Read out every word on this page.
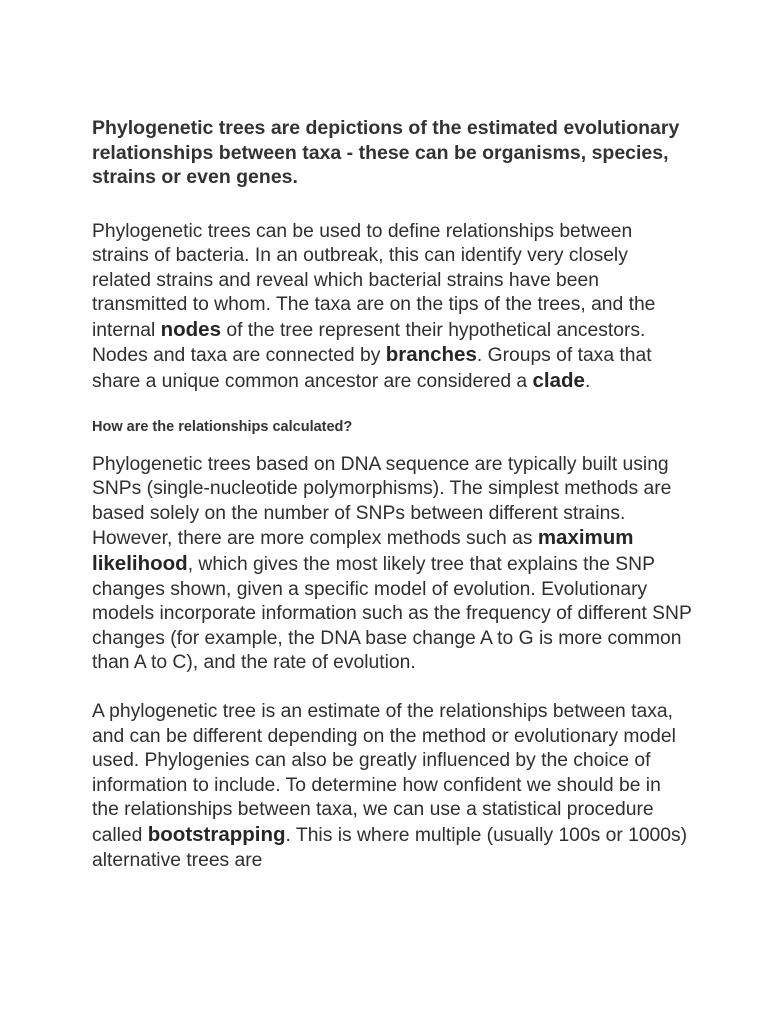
Phylogenetic trees are depictions of the estimated evolutionary relationships between taxa - these can be organisms, species, strains or even genes.

Phylogenetic trees can be used to define relationships between strains of bacteria. In an outbreak, this can identify very closely related strains and reveal which bacterial strains have been transmitted to whom. The taxa are on the tips of the trees, and the internal nodes of the tree represent their hypothetical ancestors. Nodes and taxa are connected by branches. Groups of taxa that share a unique common ancestor are considered a clade.

How are the relationships calculated?

Phylogenetic trees based on DNA sequence are typically built using SNPs (single-nucleotide polymorphisms). The simplest methods are based solely on the number of SNPs between different strains. However, there are more complex methods such as maximum likelihood, which gives the most likely tree that explains the SNP changes shown, given a specific model of evolution. Evolutionary models incorporate information such as the frequency of different SNP changes (for example, the DNA base change A to G is more common than A to C), and the rate of evolution.

A phylogenetic tree is an estimate of the relationships between taxa, and can be different depending on the method or evolutionary model used. Phylogenies can also be greatly influenced by the choice of information to include. To determine how confident we should be in the relationships between taxa, we can use a statistical procedure called bootstrapping. This is where multiple (usually 100s or 1000s) alternative trees are
